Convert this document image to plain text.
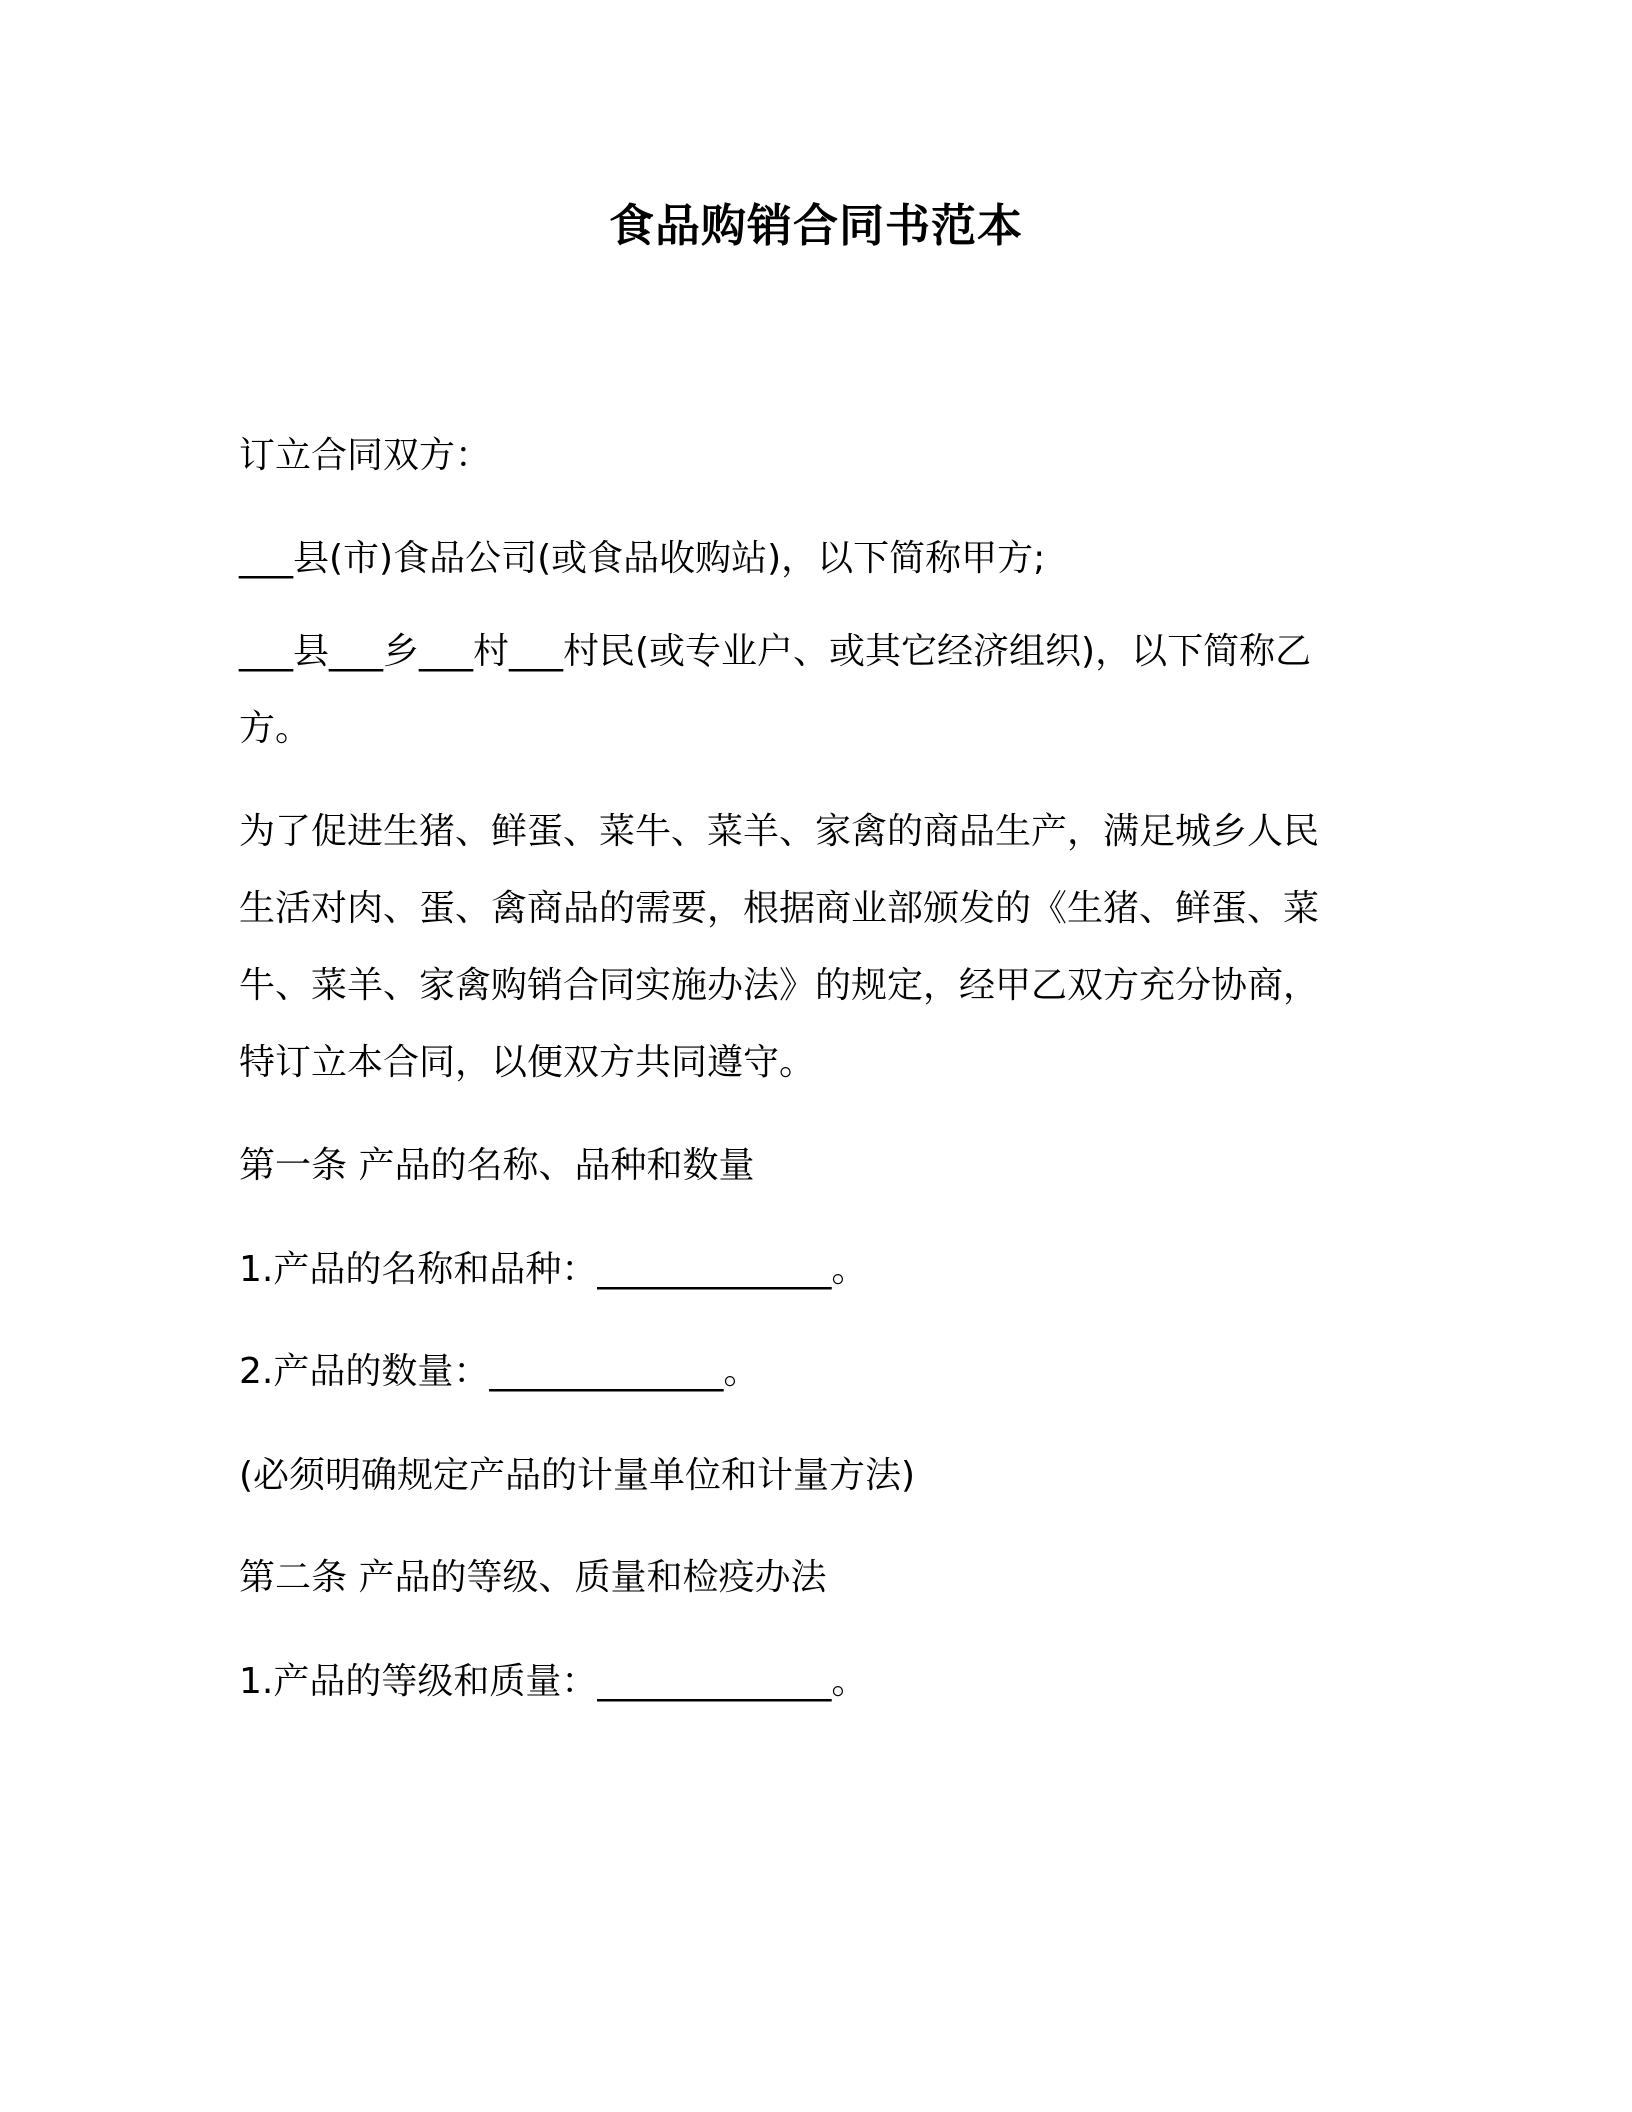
食品购销合同书范本

订立合同双方：

___县(市)食品公司(或食品收购站)，以下简称甲方;

___县___乡___村___村民(或专业户、或其它经济组织)，以下简称乙
方。

为了促进生猪、鲜蛋、菜牛、菜羊、家禽的商品生产，满足城乡人民
生活对肉、蛋、禽商品的需要，根据商业部颁发的《生猪、鲜蛋、菜
牛、菜羊、家禽购销合同实施办法》的规定，经甲乙双方充分协商，
特订立本合同，以便双方共同遵守。

第一条 产品的名称、品种和数量

1.产品的名称和品种：_____________。

2.产品的数量：_____________。

(必须明确规定产品的计量单位和计量方法)

第二条 产品的等级、质量和检疫办法

1.产品的等级和质量：_____________。
